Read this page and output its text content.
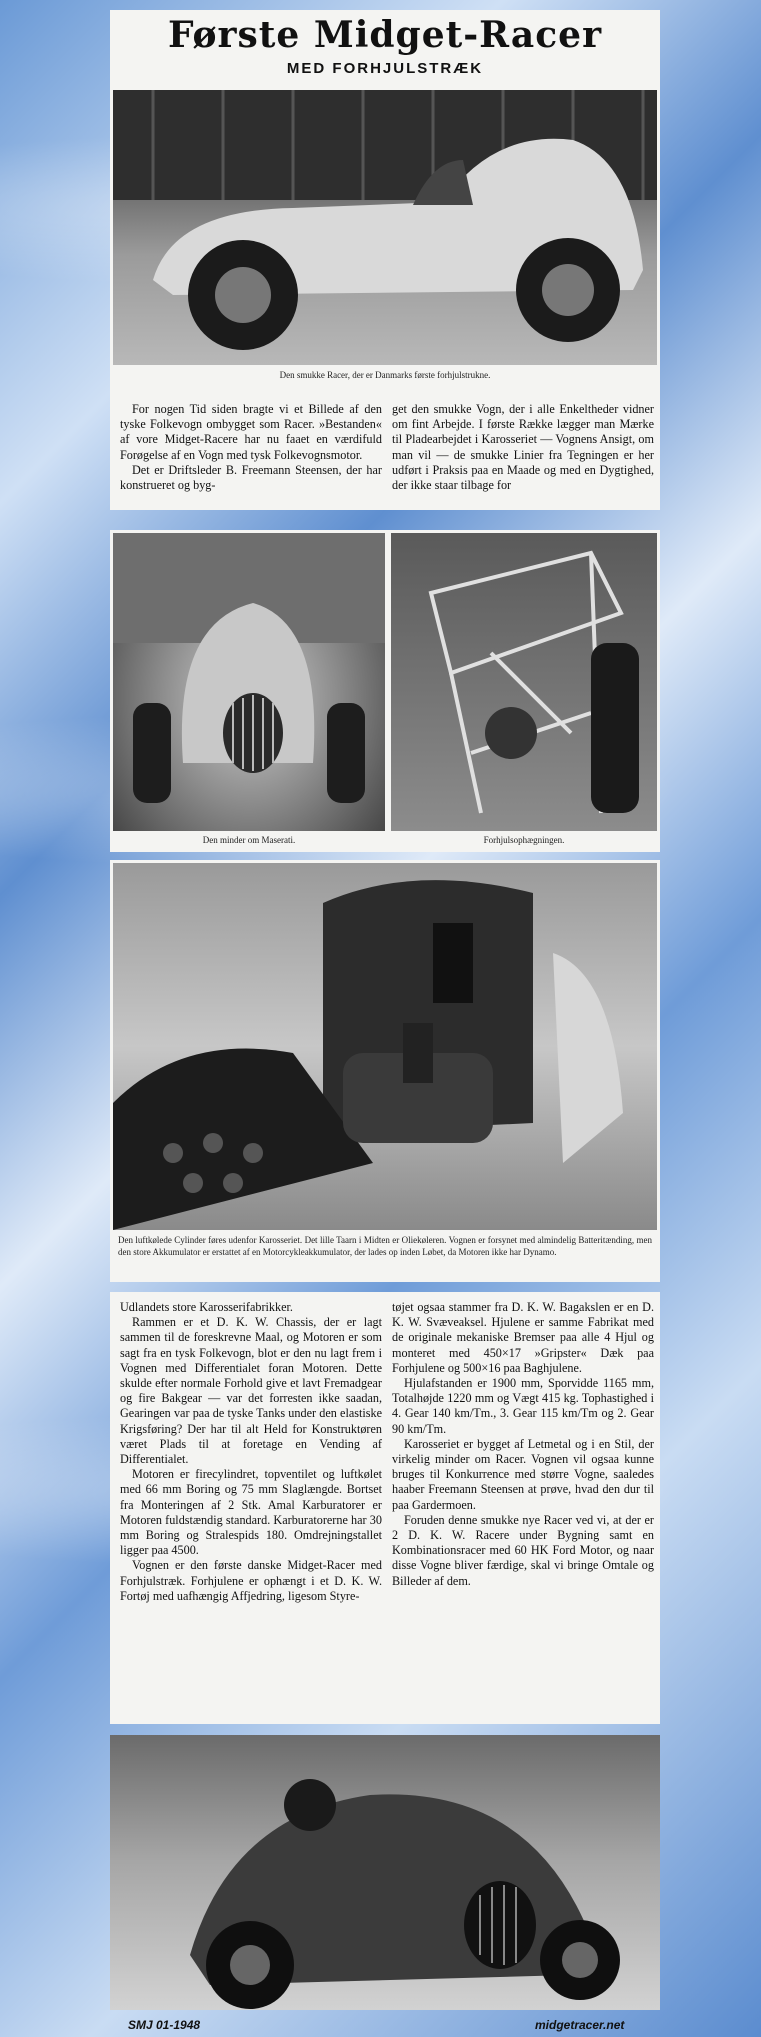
Første Midget-Racer
MED FORHJULSTRÆK
Den smukke Racer, der er Danmarks første forhjulstrukne.

For nogen Tid siden bragte vi et Billede af den tyske Folkevogn ombygget som Racer. »Bestanden« af vore Midget-Racere har nu faaet en værdifuld Forøgelse af en Vogn med tysk Folkevognsmotor.

Det er Driftsleder B. Freemann Steensen, der har konstrueret og byg-

get den smukke Vogn, der i alle Enkeltheder vidner om fint Arbejde. I første Række lægger man Mærke til Pladearbejdet i Karosseriet — Vognens Ansigt, om man vil — de smukke Linier fra Tegningen er her udført i Praksis paa en Maade og med en Dygtighed, der ikke staar tilbage for

Den minder om Maserati.	Forhjulsophægningen.
Den luftkølede Cylinder føres udenfor Karosseriet. Det lille Taarn i Midten er Oliekøleren. Vognen er forsynet med almindelig Batteritænding, men den store Akkumulator er erstattet af en Motorcykleakkumulator, der lades op inden Løbet, da Motoren ikke har Dynamo.

Udlandets store Karosserifabrikker.

Rammen er et D. K. W. Chassis, der er lagt sammen til de foreskrevne Maal, og Motoren er som sagt fra en tysk Folkevogn, blot er den nu lagt frem i Vognen med Differentialet foran Motoren. Dette skulde efter normale Forhold give et lavt Fremadgear og fire Bakgear — var det forresten ikke saadan, Gearingen var paa de tyske Tanks under den elastiske Krigsføring? Der har til alt Held for Konstruktøren været Plads til at foretage en Vending af Differentialet.

Motoren er firecylindret, topventilet og luftkølet med 66 mm Boring og 75 mm Slaglængde. Bortset fra Monteringen af 2 Stk. Amal Karburatorer er Motoren fuldstændig standard. Karburatorerne har 30 mm Boring og Stralespids 180. Omdrejningstallet ligger paa 4500.

Vognen er den første danske Midget-Racer med Forhjulstræk. Forhjulene er ophængt i et D. K. W. Fortøj med uafhængig Affjedring, ligesom Styre-

tøjet ogsaa stammer fra D. K. W. Bagakslen er en D. K. W. Svæveaksel. Hjulene er samme Fabrikat med de originale mekaniske Bremser paa alle 4 Hjul og monteret med 450×17 »Gripster« Dæk paa Forhjulene og 500×16 paa Baghjulene.

Hjulafstanden er 1900 mm, Sporvidde 1165 mm, Totalhøjde 1220 mm og Vægt 415 kg. Tophastighed i 4. Gear 140 km/Tm., 3. Gear 115 km/Tm og 2. Gear 90 km/Tm.

Karosseriet er bygget af Letmetal og i en Stil, der virkelig minder om Racer. Vognen vil ogsaa kunne bruges til Konkurrence med større Vogne, saaledes haaber Freemann Steensen at prøve, hvad den dur til paa Gardermoen.

Foruden denne smukke nye Racer ved vi, at der er 2 D. K. W. Racere under Bygning samt en Kombinationsracer med 60 HK Ford Motor, og naar disse Vogne bliver færdige, skal vi bringe Omtale og Billeder af dem.

SMJ 01-1948	midgetracer.net
